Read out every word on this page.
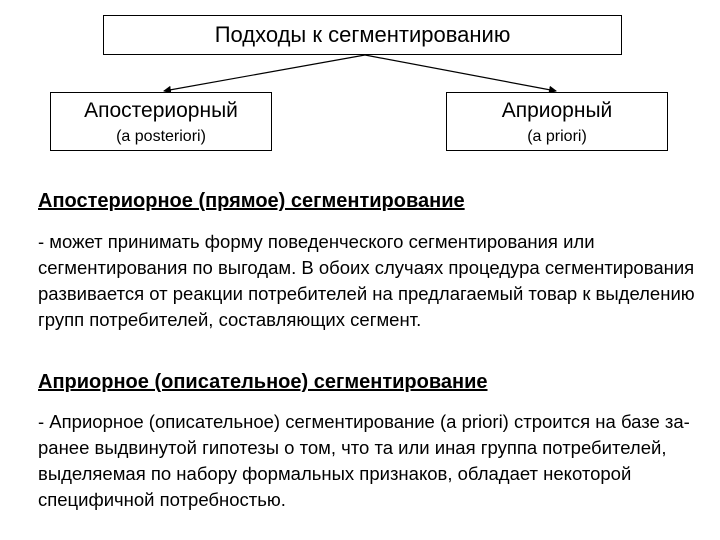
Подходы к сегментированию
Апостериорный
(a posteriori)
Априорный
(a priori)
Апостериорное (прямое) сегментирование
- может принимать форму поведенческого сегментирования или сегментирования по выгодам. В обоих случаях процедура сегментирования развивается от реакции потребителей на предлагаемый товар к выделению групп потребителей, составляющих сегмент.
Априорное (описательное) сегментирование
- Априорное (описательное) сегментирование (a priori) строится на базе за-ранее выдвинутой гипотезы о том, что та или иная группа потребителей, выделяемая по набору формальных признаков, обладает некоторой специфичной потребностью.
